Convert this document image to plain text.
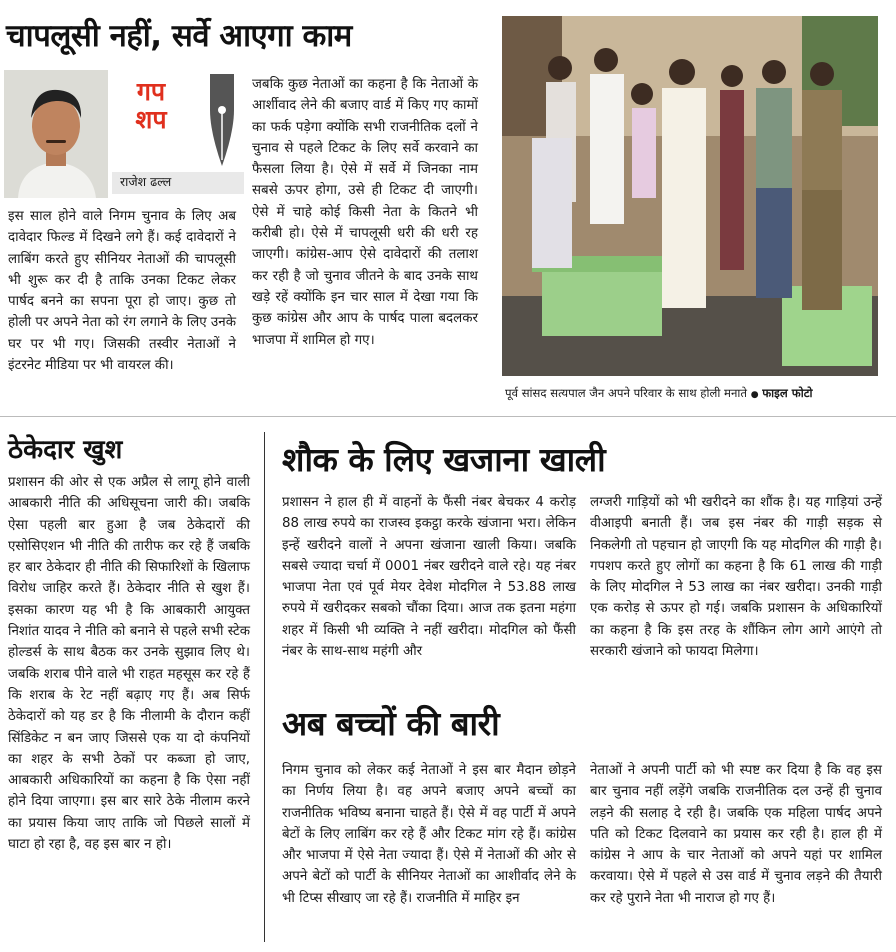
चापलूसी नहीं, सर्वे आएगा काम
गप
शप
राजेश ढल्ल

इस साल होने वाले निगम चुनाव के लिए अब दावेदार फिल्ड में दिखने लगे हैं। कई दावेदारों ने लाबिंग करते हुए सीनियर नेताओं की चापलूसी भी शुरू कर दी है ताकि उनका टिकट लेकर पार्षद बनने का सपना पूरा हो जाए। कुछ तो होली पर अपने नेता को रंग लगाने के लिए उनके घर पर भी गए। जिसकी तस्वीर नेताओं ने इंटरनेट मीडिया पर भी वायरल की।

जबकि कुछ नेताओं का कहना है कि नेताओं के आर्शीवाद लेने की बजाए वार्ड में किए गए कामों का फर्क पड़ेगा क्योंकि सभी राजनीतिक दलों ने चुनाव से पहले टिकट के लिए सर्वे करवाने का फैसला लिया है। ऐसे में सर्वे में जिनका नाम सबसे ऊपर होगा, उसे ही टिकट दी जाएगी। ऐसे में चाहे कोई किसी नेता के कितने भी करीबी हो। ऐसे में चापलूसी धरी की धरी रह जाएगी। कांग्रेस-आप ऐसे दावेदारों की तलाश कर रही है जो चुनाव जीतने के बाद उनके साथ खड़े रहें क्योंकि इन चार साल में देखा गया कि कुछ कांग्रेस और आप के पार्षद पाला बदलकर भाजपा में शामिल हो गए।

पूर्व सांसद सत्यपाल जैन अपने परिवार के साथ होली मनाते ● फाइल फोटो
ठेकेदार खुश

प्रशासन की ओर से एक अप्रैल से लागू होने वाली आबकारी नीति की अधिसूचना जारी की। जबकि ऐसा पहली बार हुआ है जब ठेकेदारों की एसोसिएशन भी नीति की तारीफ कर रहे हैं जबकि हर बार ठेकेदार ही नीति की सिफारिशों के खिलाफ विरोध जाहिर करते हैं। ठेकेदार नीति से खुश हैं। इसका कारण यह भी है कि आबकारी आयुक्त निशांत यादव ने नीति को बनाने से पहले सभी स्टेक होल्डर्स के साथ बैठक कर उनके सुझाव लिए थे। जबकि शराब पीने वाले भी राहत महसूस कर रहे हैं कि शराब के रेट नहीं बढ़ाए गए हैं। अब सिर्फ ठेकेदारों को यह डर है कि नीलामी के दौरान कहीं सिंडिकेट न बन जाए जिससे एक या दो कंपनियों का शहर के सभी ठेकों पर कब्जा हो जाए, आबकारी अधिकारियों का कहना है कि ऐसा नहीं होने दिया जाएगा। इस बार सारे ठेके नीलाम करने का प्रयास किया जाए ताकि जो पिछले सालों में घाटा हो रहा है, वह इस बार न हो।

शौक के लिए खजाना खाली

प्रशासन ने हाल ही में वाहनों के फैंसी नंबर बेचकर 4 करोड़ 88 लाख रुपये का राजस्व इकट्ठा करके खंजाना भरा। लेकिन इन्हें खरीदने वालों ने अपना खंजाना खाली किया। जबकि सबसे ज्यादा चर्चा में 0001 नंबर खरीदने वाले रहे। यह नंबर भाजपा नेता एवं पूर्व मेयर देवेश मोदगिल ने 53.88 लाख रुपये में खरीदकर सबको चौंका दिया। आज तक इतना महंगा शहर में किसी भी व्यक्ति ने नहीं खरीदा। मोदगिल को फैंसी नंबर के साथ-साथ महंगी और

लग्जरी गाड़ियों को भी खरीदने का शौंक है। यह गाड़ियां उन्हें वीआइपी बनाती हैं। जब इस नंबर की गाड़ी सड़क से निकलेगी तो पहचान हो जाएगी कि यह मोदगिल की गाड़ी है। गपशप करते हुए लोगों का कहना है कि 61 लाख की गाड़ी के लिए मोदगिल ने 53 लाख का नंबर खरीदा। उनकी गाड़ी एक करोड़ से ऊपर हो गई। जबकि प्रशासन के अधिकारियों का कहना है कि इस तरह के शौंकिन लोग आगे आएंगे तो सरकारी खंजाने को फायदा मिलेगा।

अब बच्चों की बारी

निगम चुनाव को लेकर कई नेताओं ने इस बार मैदान छोड़ने का निर्णय लिया है। वह अपने बजाए अपने बच्चों का राजनीतिक भविष्य बनाना चाहते हैं। ऐसे में वह पार्टी में अपने बेटों के लिए लाबिंग कर रहे हैं और टिकट मांग रहे हैं। कांग्रेस और भाजपा में ऐसे नेता ज्यादा हैं। ऐसे में नेताओं की ओर से अपने बेटों को पार्टी के सीनियर नेताओं का आशीर्वाद लेने के भी टिप्स सीखाए जा रहे हैं। राजनीति में माहिर इन

नेताओं ने अपनी पार्टी को भी स्पष्ट कर दिया है कि वह इस बार चुनाव नहीं लड़ेंगे जबकि राजनीतिक दल उन्हें ही चुनाव लड़ने की सलाह दे रही है। जबकि एक महिला पार्षद अपने पति को टिकट दिलवाने का प्रयास कर रही है। हाल ही में कांग्रेस ने आप के चार नेताओं को अपने यहां पर शामिल करवाया। ऐसे में पहले से उस वार्ड में चुनाव लड़ने की तैयारी कर रहे पुराने नेता भी नाराज हो गए हैं।
